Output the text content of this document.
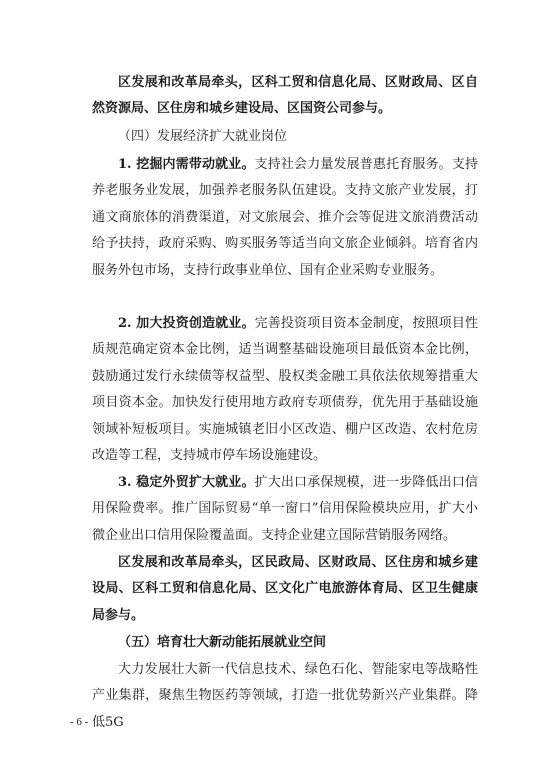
区发展和改革局牵头，区科工贸和信息化局、区财政局、区自然资源局、区住房和城乡建设局、区国资公司参与。

（四）发展经济扩大就业岗位

1. 挖掘内需带动就业。支持社会力量发展普惠托育服务。支持养老服务业发展，加强养老服务队伍建设。支持文旅产业发展，打通文商旅体的消费渠道，对文旅展会、推介会等促进文旅消费活动给予扶持，政府采购、购买服务等适当向文旅企业倾斜。培育省内服务外包市场，支持行政事业单位、国有企业采购专业服务。

2. 加大投资创造就业。完善投资项目资本金制度，按照项目性质规范确定资本金比例，适当调整基础设施项目最低资本金比例，鼓励通过发行永续债等权益型、股权类金融工具依法依规筹措重大项目资本金。加快发行使用地方政府专项债券，优先用于基础设施领域补短板项目。实施城镇老旧小区改造、棚户区改造、农村危房改造等工程，支持城市停车场设施建设。

3. 稳定外贸扩大就业。扩大出口承保规模，进一步降低出口信用保险费率。推广国际贸易“单一窗口”信用保险模块应用，扩大小微企业出口信用保险覆盖面。支持企业建立国际营销服务网络。

区发展和改革局牵头，区民政局、区财政局、区住房和城乡建设局、区科工贸和信息化局、区文化广电旅游体育局、区卫生健康局参与。

（五）培育壮大新动能拓展就业空间

大力发展壮大新一代信息技术、绿色石化、智能家电等战略性产业集群，聚焦生物医药等领域，打造一批优势新兴产业集群。降低5G

- 6 -
